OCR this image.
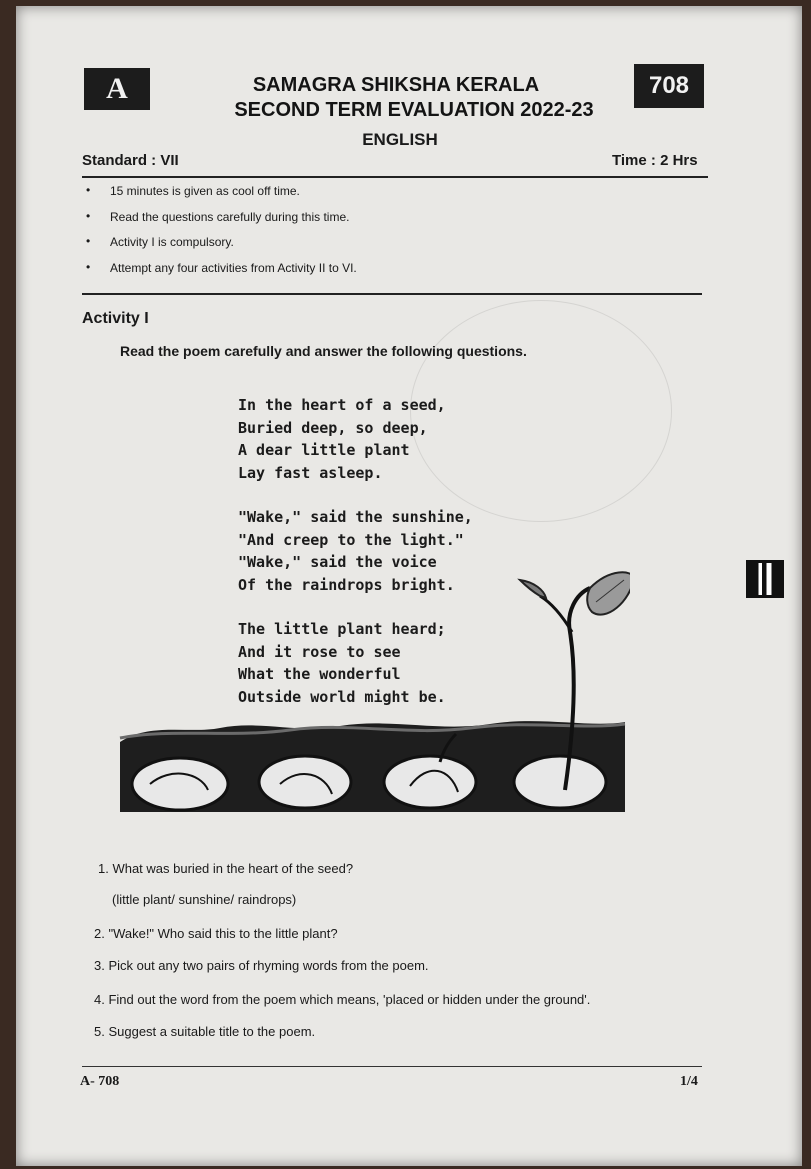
A	708
SAMAGRA SHIKSHA KERALA
SECOND TERM EVALUATION 2022-23
ENGLISH
Standard : VII	Time : 2 Hrs
• 15 minutes is given as cool off time.
• Read the questions carefully during this time.
• Activity I is compulsory.
• Attempt any four activities from Activity II to VI.
Activity I
Read the poem carefully and answer the following questions.
In the heart of a seed,
Buried deep, so deep,
A dear little plant
Lay fast asleep.
"Wake," said the sunshine,
"And creep to the light."
"Wake," said the voice
Of the raindrops bright.
The little plant heard;
And it rose to see
What the wonderful
Outside world might be.
1. What was buried in the heart of the seed?
(little plant/ sunshine/ raindrops)
2. "Wake!" Who said this to the little plant?
3. Pick out any two pairs of rhyming words from the poem.
4. Find out the word from the poem which means, 'placed or hidden under the ground'.
5. Suggest a suitable title to the poem.
A- 708	1/4
